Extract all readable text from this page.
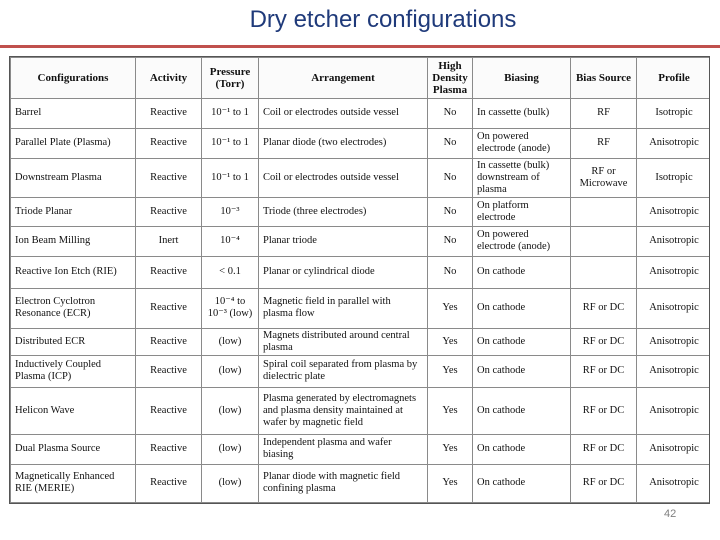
Dry etcher configurations
Configurations	Activity	Pressure (Torr)	Arrangement	High Density Plasma	Biasing	Bias Source	Profile
Barrel	Reactive	10⁻¹ to 1	Coil or electrodes outside vessel	No	In cassette (bulk)	RF	Isotropic
Parallel Plate (Plasma)	Reactive	10⁻¹ to 1	Planar diode (two electrodes)	No	On powered electrode (anode)	RF	Anisotropic
Downstream Plasma	Reactive	10⁻¹ to 1	Coil or electrodes outside vessel	No	In cassette (bulk) downstream of plasma	RF or Microwave	Isotropic
Triode Planar	Reactive	10⁻³	Triode (three electrodes)	No	On platform electrode		Anisotropic
Ion Beam Milling	Inert	10⁻⁴	Planar triode	No	On powered electrode (anode)		Anisotropic
Reactive Ion Etch (RIE)	Reactive	< 0.1	Planar or cylindrical diode	No	On cathode		Anisotropic
Electron Cyclotron Resonance (ECR)	Reactive	10⁻⁴ to 10⁻³ (low)	Magnetic field in parallel with plasma flow	Yes	On cathode	RF or DC	Anisotropic
Distributed ECR	Reactive	(low)	Magnets distributed around central plasma	Yes	On cathode	RF or DC	Anisotropic
Inductively Coupled Plasma (ICP)	Reactive	(low)	Spiral coil separated from plasma by dielectric plate	Yes	On cathode	RF or DC	Anisotropic
Helicon Wave	Reactive	(low)	Plasma generated by electromagnets and plasma density maintained at wafer by magnetic field	Yes	On cathode	RF or DC	Anisotropic
Dual Plasma Source	Reactive	(low)	Independent plasma and wafer biasing	Yes	On cathode	RF or DC	Anisotropic
Magnetically Enhanced RIE (MERIE)	Reactive	(low)	Planar diode with magnetic field confining plasma	Yes	On cathode	RF or DC	Anisotropic
42
